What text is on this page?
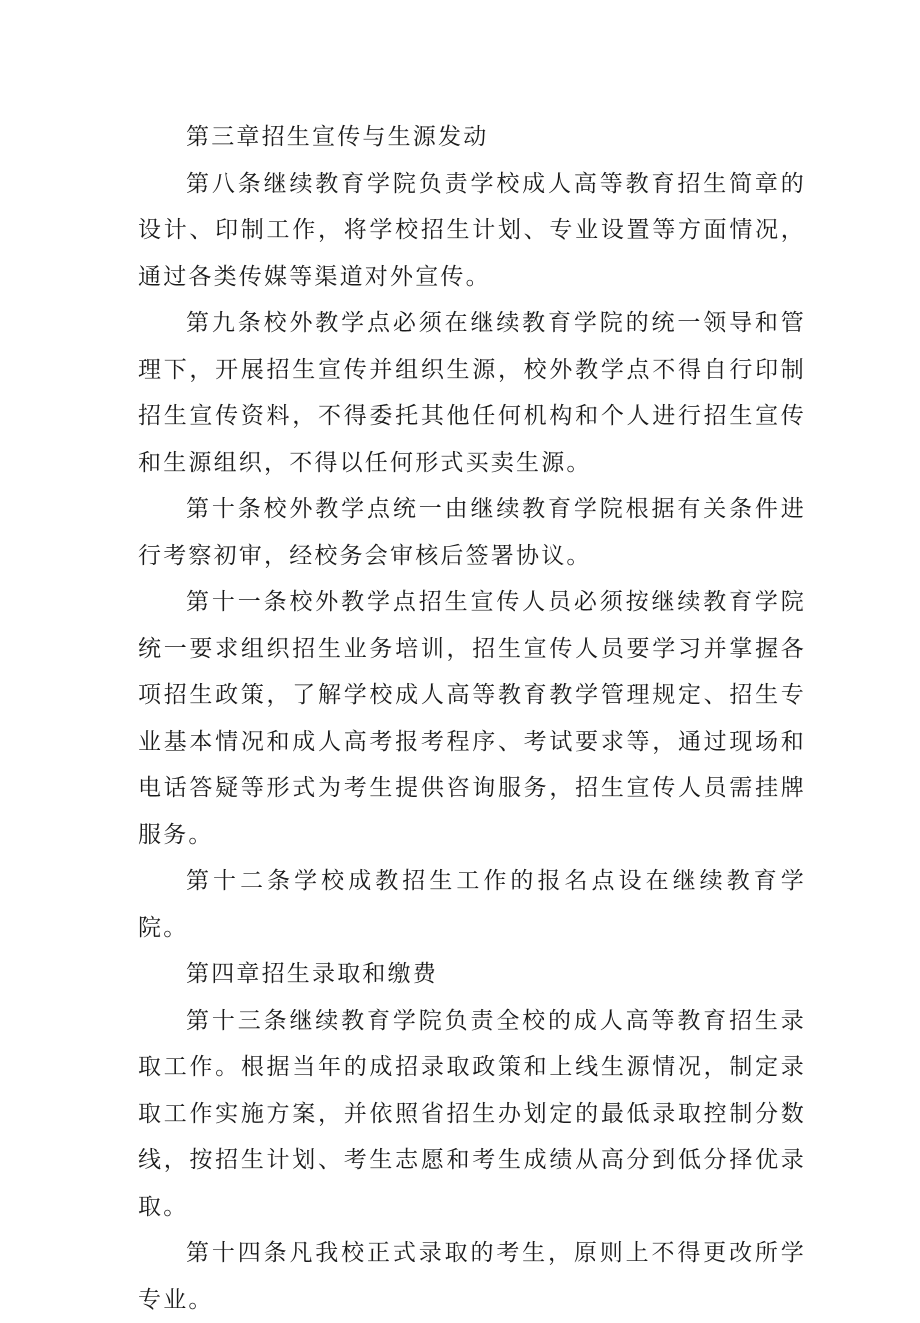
第三章招生宣传与生源发动

第八条继续教育学院负责学校成人高等教育招生简章的设计、印制工作，将学校招生计划、专业设置等方面情况，通过各类传媒等渠道对外宣传。

第九条校外教学点必须在继续教育学院的统一领导和管理下，开展招生宣传并组织生源，校外教学点不得自行印制招生宣传资料，不得委托其他任何机构和个人进行招生宣传和生源组织，不得以任何形式买卖生源。

第十条校外教学点统一由继续教育学院根据有关条件进行考察初审，经校务会审核后签署协议。

第十一条校外教学点招生宣传人员必须按继续教育学院统一要求组织招生业务培训，招生宣传人员要学习并掌握各项招生政策，了解学校成人高等教育教学管理规定、招生专业基本情况和成人高考报考程序、考试要求等，通过现场和电话答疑等形式为考生提供咨询服务，招生宣传人员需挂牌服务。

第十二条学校成教招生工作的报名点设在继续教育学院。

第四章招生录取和缴费

第十三条继续教育学院负责全校的成人高等教育招生录取工作。根据当年的成招录取政策和上线生源情况，制定录取工作实施方案，并依照省招生办划定的最低录取控制分数线，按招生计划、考生志愿和考生成绩从高分到低分择优录取。

第十四条凡我校正式录取的考生，原则上不得更改所学专业。
